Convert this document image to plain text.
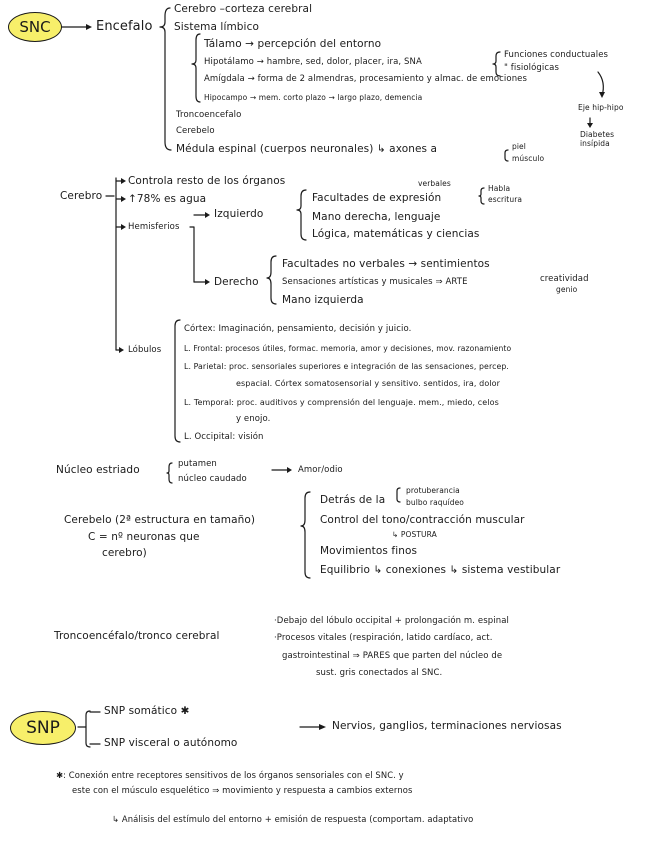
SNC	Encefalo
Cerebro –corteza cerebral
Sistema límbico
Tálamo → percepción del entorno
Hipotálamo → hambre, sed, dolor, placer, ira, SNA
Funciones conductuales
" fisiológicas
Amígdala → forma de 2 almendras, procesamiento y almac. de emociones
Hipocampo → mem. corto plazo → largo plazo, demencia
Eje hip-hipo
Diabetes insípida
Troncoencefalo
Cerebelo
Médula espinal (cuerpos neuronales) ↳ axones a	piel
músculo
Cerebro
Controla resto de los órganos
↑78% es agua
Hemisferios
Izquierdo
verbales
Facultades de expresión
Habla
escritura
Mano derecha, lenguaje
Lógica, matemáticas y ciencias
Derecho
Facultades no verbales → sentimientos
Sensaciones artísticas y musicales ⇒ ARTE	creatividad
genio
Mano izquierda
Lóbulos
Córtex: Imaginación, pensamiento, decisión y juicio.
L. Frontal: procesos útiles, formac. memoria, amor y decisiones, mov. razonamiento
L. Parietal: proc. sensoriales superiores e integración de las sensaciones, percep.
espacial. Córtex somatosensorial y sensitivo. sentidos, ira, dolor
L. Temporal: proc. auditivos y comprensión del lenguaje. mem., miedo, celos
y enojo.
L. Occipital: visión
Núcleo estriado	putamen
núcleo caudado
Amor/odio
Cerebelo (2ª estructura en tamaño)
C = nº neuronas que
cerebro)
protuberancia
bulbo raquídeo
Detrás de la
Control del tono/contracción muscular
↳ POSTURA
Movimientos finos
Equilibrio ↳ conexiones ↳ sistema vestibular
Troncoencéfalo/tronco cerebral
·Debajo del lóbulo occipital + prolongación m. espinal
·Procesos vitales (respiración, latido cardíaco, act.
gastrointestinal ⇒ PARES que parten del núcleo de
sust. gris conectados al SNC.
SNP
SNP somático ✱
SNP visceral o autónomo
Nervios, ganglios, terminaciones nerviosas
✱: Conexión entre receptores sensitivos de los órganos sensoriales con el SNC. y
este con el músculo esquelético ⇒ movimiento y respuesta a cambios externos
↳ Análisis del estímulo del entorno + emisión de respuesta (comportam. adaptativo
